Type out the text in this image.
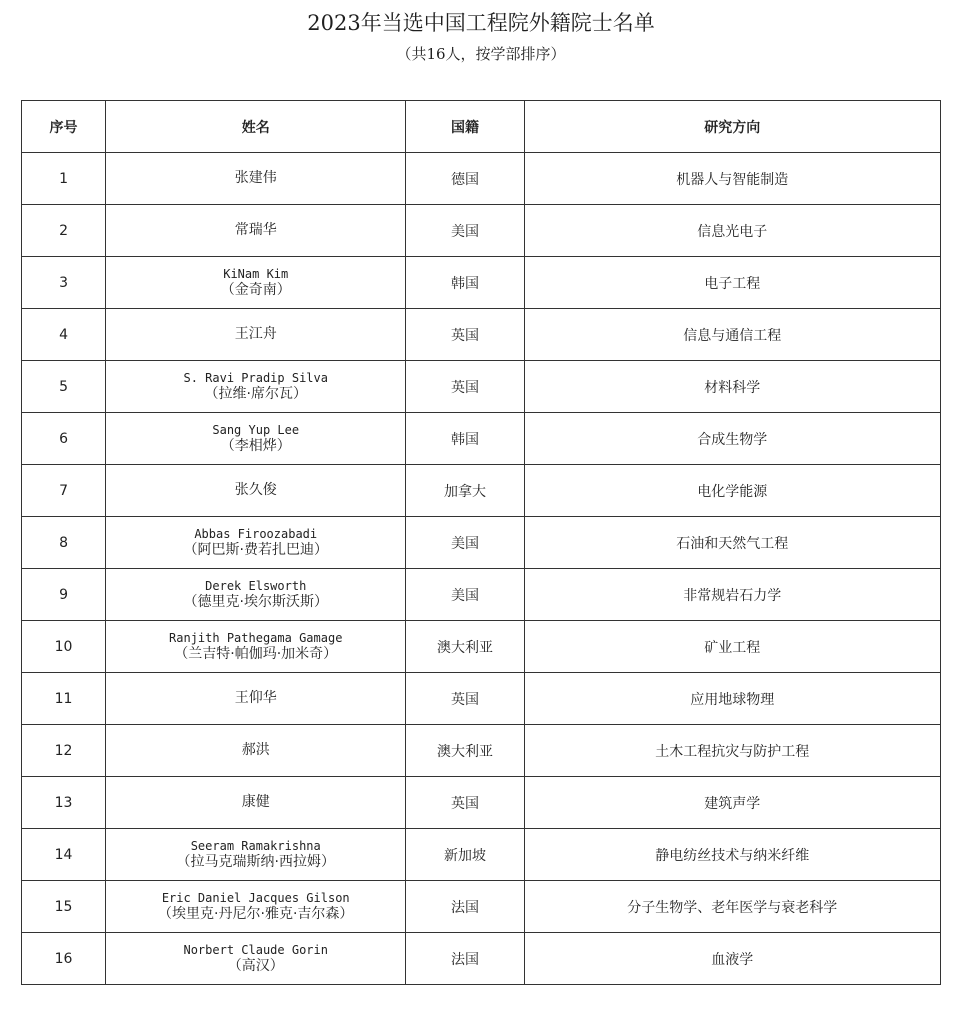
2023年当选中国工程院外籍院士名单
（共16人，按学部排序）
序号	姓名	国籍	研究方向
1	张建伟	德国	机器人与智能制造
2	常瑞华	美国	信息光电子
3	KiNam Kim
（金奇南）	韩国	电子工程
4	王江舟	英国	信息与通信工程
5	S. Ravi Pradip Silva
（拉维·席尔瓦）	英国	材料科学
6	Sang Yup Lee
（李相烨）	韩国	合成生物学
7	张久俊	加拿大	电化学能源
8	Abbas Firoozabadi
（阿巴斯·费若扎巴迪）	美国	石油和天然气工程
9	Derek Elsworth
（德里克·埃尔斯沃斯）	美国	非常规岩石力学
10	Ranjith Pathegama Gamage
（兰吉特·帕伽玛·加米奇）	澳大利亚	矿业工程
11	王仰华	英国	应用地球物理
12	郝洪	澳大利亚	土木工程抗灾与防护工程
13	康健	英国	建筑声学
14	Seeram Ramakrishna
（拉马克瑞斯纳·西拉姆）	新加坡	静电纺丝技术与纳米纤维
15	Eric Daniel Jacques Gilson
（埃里克·丹尼尔·雅克·吉尔森）	法国	分子生物学、老年医学与衰老科学
16	Norbert Claude Gorin
（高汉）	法国	血液学
